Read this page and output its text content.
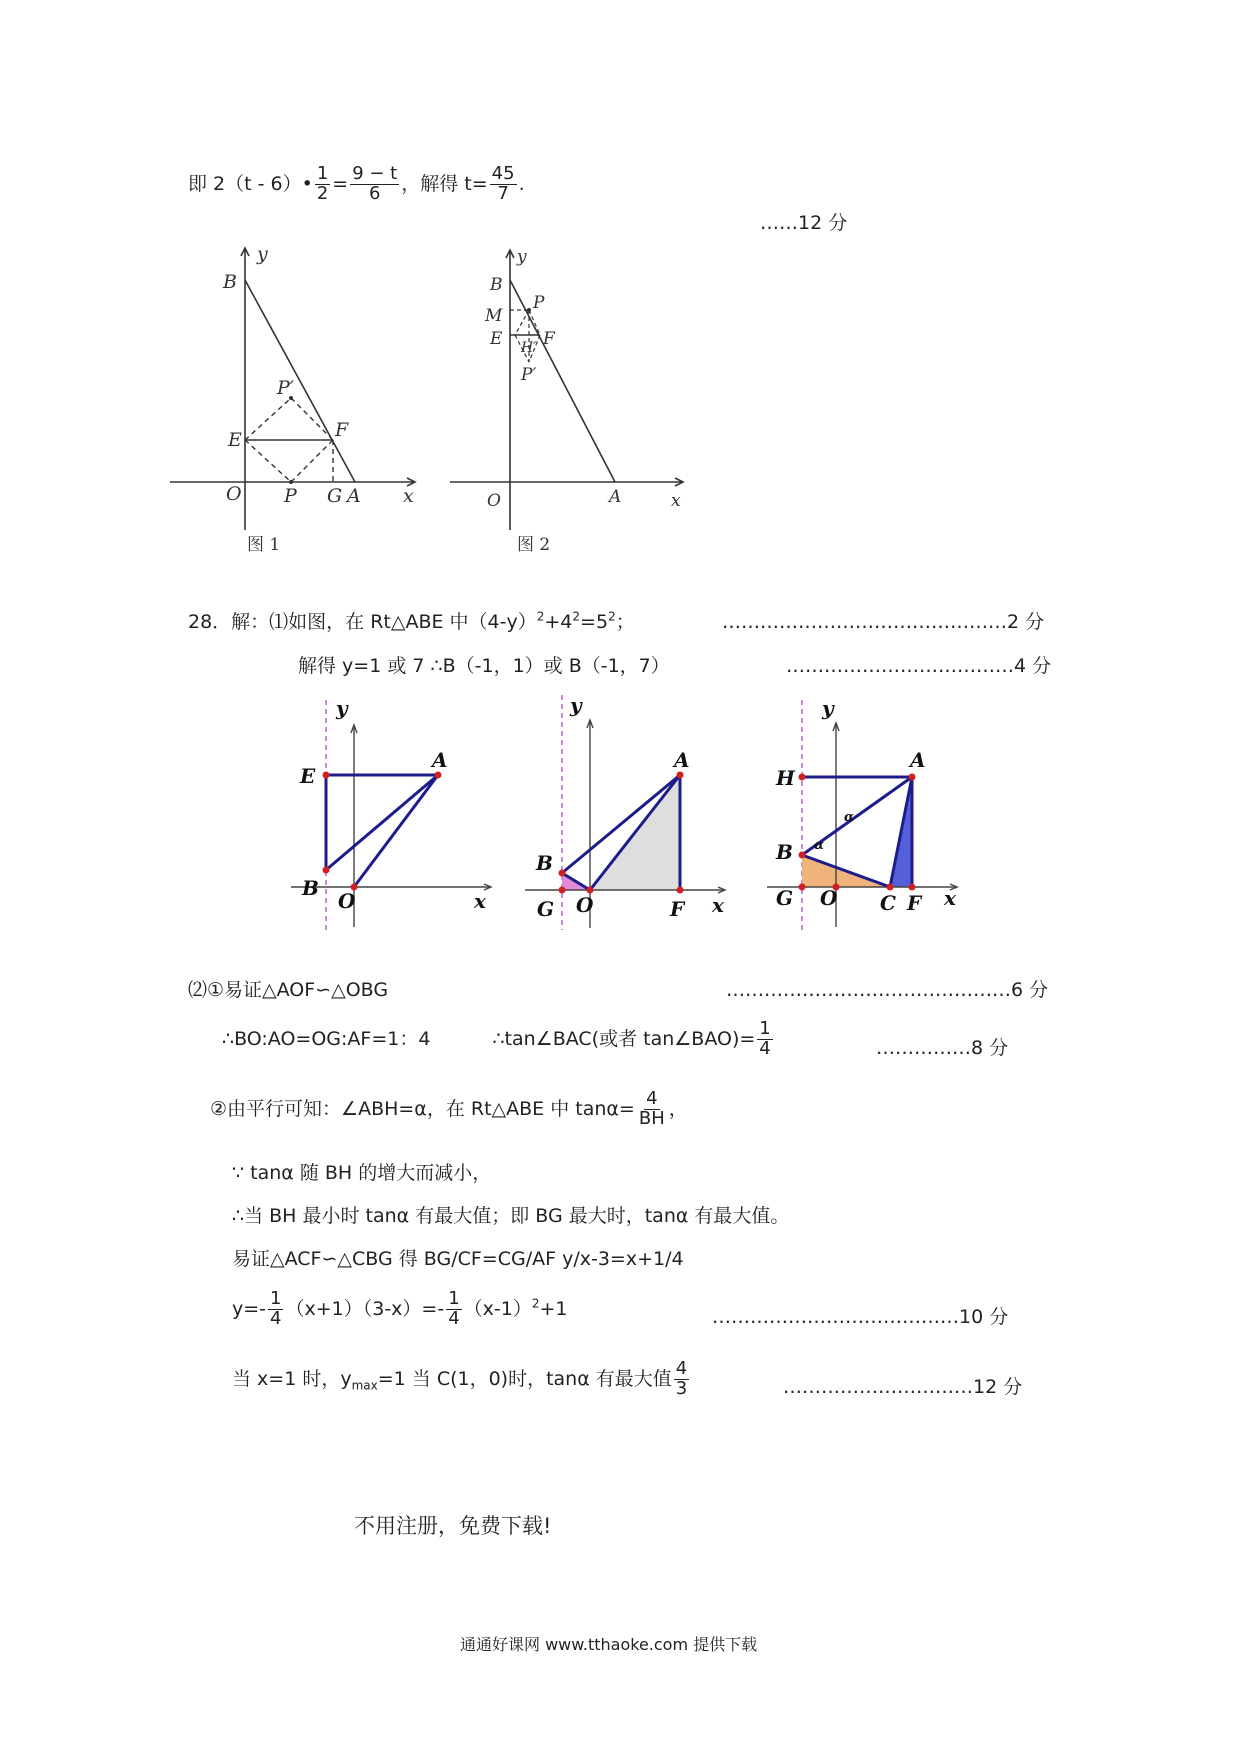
即 2（t - 6）• $\frac{1}{2} = \frac{9 - t}{6}$ ，解得 $t= \frac{45}{7}$ .
……12 分
y
B
P′
E	F
O P G A x
图 1
y
B
M
P
E H′ F
P′
O	A	x
图 2
28．解：⑴如图，在 Rt△ABE 中$(4-y)^2+4^2=5^2$；	………………………………………2 分
解得 y=1 或 7 ∴B（-1，1）或 B（-1，7）	………………………………4 分
y
E
A
B
O	x
y
A
B
G O	F x
y
H
A
α
α
B
G O C F x
⑵①易证△AOF∽△OBG	………………………………………6 分
∴BO:AO=OG:AF=1：4	∴tan∠BAC(或者 tan∠BAO)= $\frac{1}{4}$	……………8 分
②由平行可知：∠ABH=α，在 Rt△ABE 中 $\tan\alpha= \frac{4}{BH}$ ，
∵ tanα 随 BH 的增大而减小，
∴当 BH 最小时 tanα 有最大值；即 BG 最大时，tanα 有最大值。
易证△ACF∽△CBG 得 BG/CF=CG/AF y/x-3=x+1/4
$y=- \frac{1}{4} (x+1)(3-x)=- \frac{1}{4} (x-1)^2+1$	…………………………………10 分
当 x=1 时，$y_{max}=1$ 当 C(1，0)时，tanα 有最大值 $\frac{4}{3}$	…………………………12 分
不用注册，免费下载!
通通好课网 www.tthaoke.com 提供下载
